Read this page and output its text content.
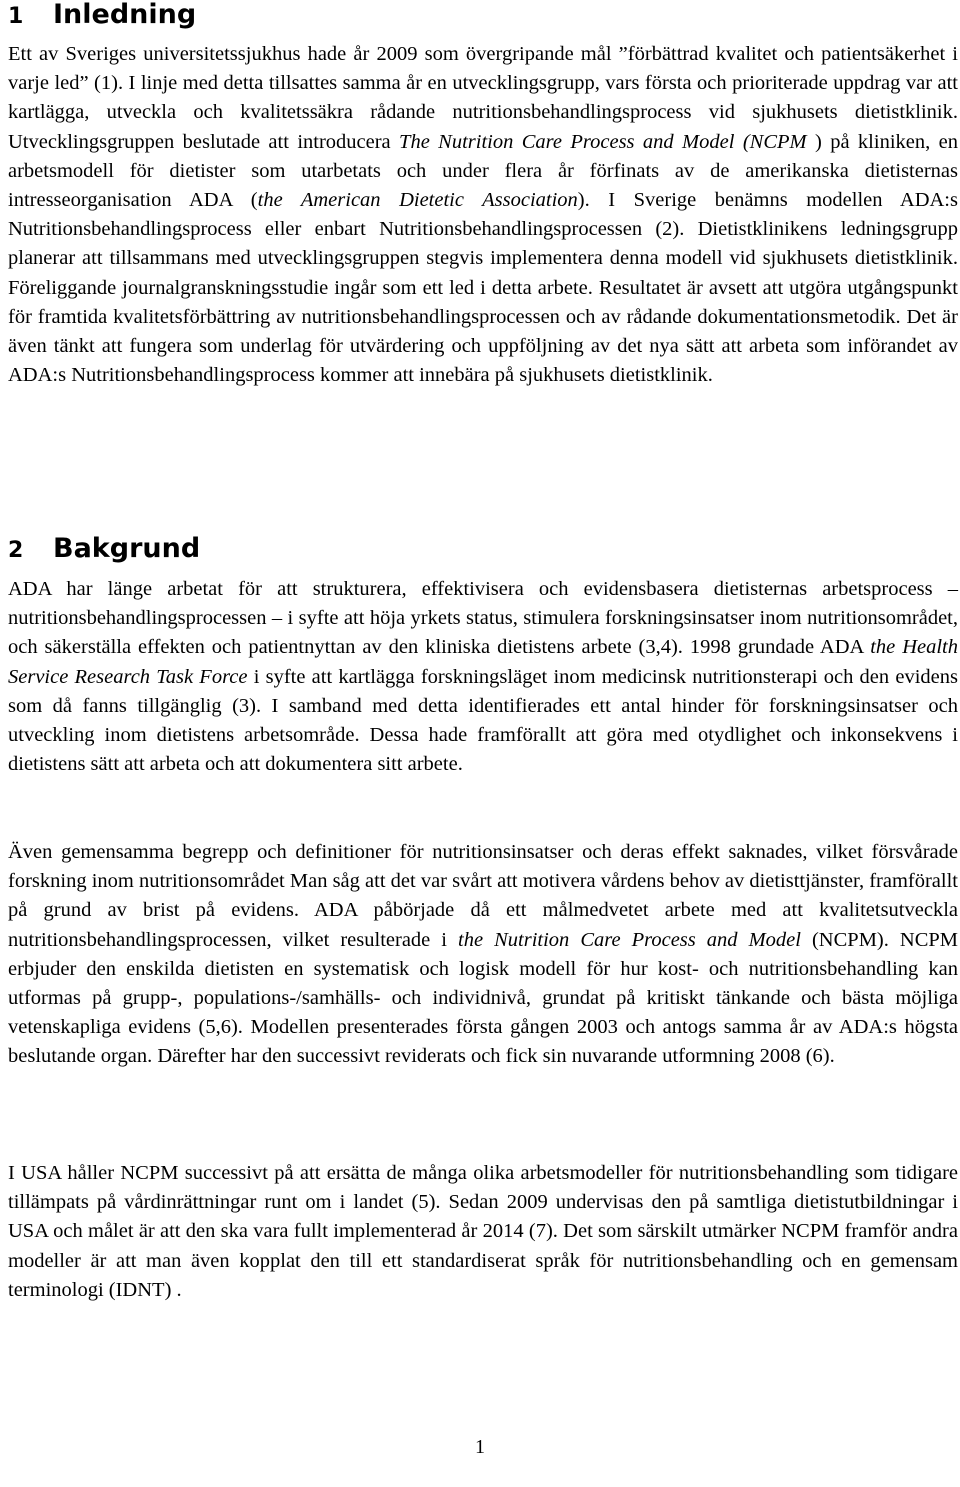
1 Inledning

Ett av Sveriges universitetssjukhus hade år 2009 som övergripande mål ”förbättrad kvalitet och patientsäkerhet i varje led” (1). I linje med detta tillsattes samma år en utvecklingsgrupp, vars första och prioriterade uppdrag var att kartlägga, utveckla och kvalitetssäkra rådande nutritionsbehandlingsprocess vid sjukhusets dietistklinik. Utvecklingsgruppen beslutade att introducera The Nutrition Care Process and Model (NCPM ) på kliniken, en arbetsmodell för dietister som utarbetats och under flera år förfinats av de amerikanska dietisternas intresseorganisation ADA (the American Dietetic Association). I Sverige benämns modellen ADA:s Nutritionsbehandlingsprocess eller enbart Nutritionsbehandlingsprocessen (2). Dietistklinikens ledningsgrupp planerar att tillsammans med utvecklingsgruppen stegvis implementera denna modell vid sjukhusets dietistklinik. Föreliggande journalgranskningsstudie ingår som ett led i detta arbete. Resultatet är avsett att utgöra utgångspunkt för framtida kvalitetsförbättring av nutritionsbehandlingsprocessen och av rådande dokumentationsmetodik. Det är även tänkt att fungera som underlag för utvärdering och uppföljning av det nya sätt att arbeta som införandet av ADA:s Nutritionsbehandlingsprocess kommer att innebära på sjukhusets dietistklinik.

2 Bakgrund

ADA har länge arbetat för att strukturera, effektivisera och evidensbasera dietisternas arbetsprocess – nutritionsbehandlingsprocessen – i syfte att höja yrkets status, stimulera forskningsinsatser inom nutritionsområdet, och säkerställa effekten och patientnyttan av den kliniska dietistens arbete (3,4). 1998 grundade ADA the Health Service Research Task Force i syfte att kartlägga forskningsläget inom medicinsk nutritionsterapi och den evidens som då fanns tillgänglig (3). I samband med detta identifierades ett antal hinder för forskningsinsatser och utveckling inom dietistens arbetsområde. Dessa hade framförallt att göra med otydlighet och inkonsekvens i dietistens sätt att arbeta och att dokumentera sitt arbete.

Även gemensamma begrepp och definitioner för nutritionsinsatser och deras effekt saknades, vilket försvårade forskning inom nutritionsområdet Man såg att det var svårt att motivera vårdens behov av dietisttjänster, framförallt på grund av brist på evidens. ADA påbörjade då ett målmedvetet arbete med att kvalitetsutveckla nutritionsbehandlingsprocessen, vilket resulterade i the Nutrition Care Process and Model (NCPM). NCPM erbjuder den enskilda dietisten en systematisk och logisk modell för hur kost- och nutritionsbehandling kan utformas på grupp-, populations-/samhälls- och individnivå, grundat på kritiskt tänkande och bästa möjliga vetenskapliga evidens (5,6). Modellen presenterades första gången 2003 och antogs samma år av ADA:s högsta beslutande organ. Därefter har den successivt reviderats och fick sin nuvarande utformning 2008 (6).

I USA håller NCPM successivt på att ersätta de många olika arbetsmodeller för nutritionsbehandling som tidigare tillämpats på vårdinrättningar runt om i landet (5). Sedan 2009 undervisas den på samtliga dietistutbildningar i USA och målet är att den ska vara fullt implementerad år 2014 (7). Det som särskilt utmärker NCPM framför andra modeller är att man även kopplat den till ett standardiserat språk för nutritionsbehandling och en gemensam terminologi (IDNT) .

1
